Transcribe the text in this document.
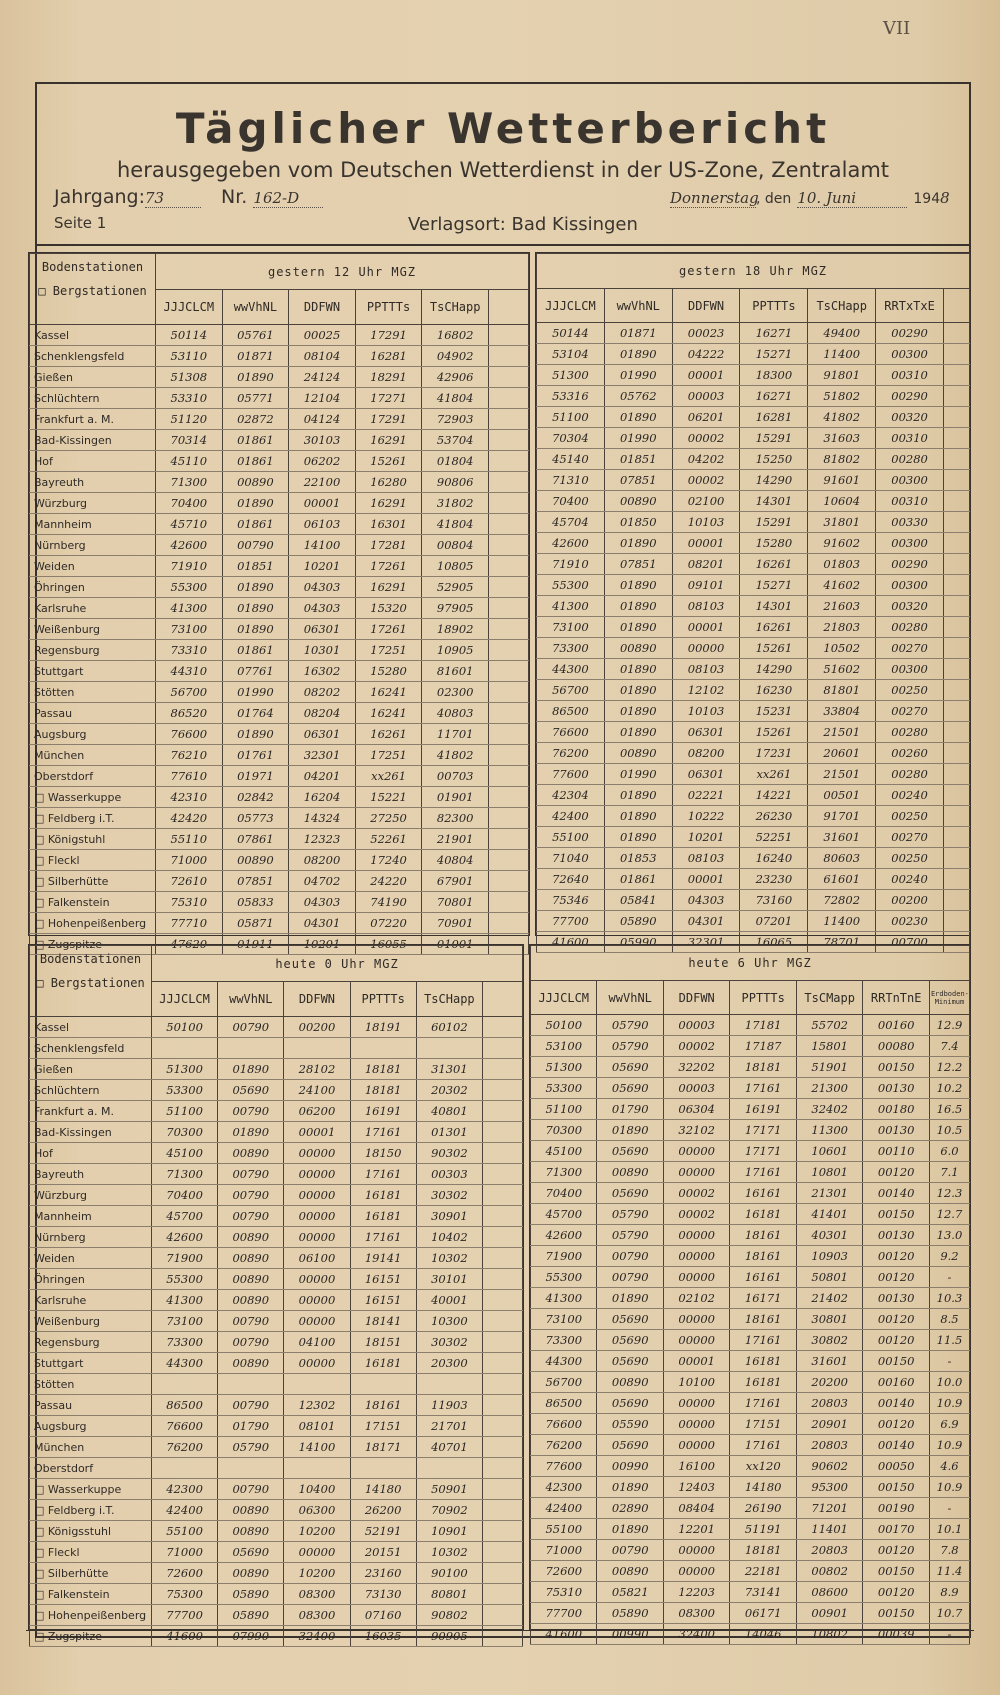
VII
Täglicher Wetterbericht
herausgegeben vom Deutschen Wetterdienst in der US-Zone, Zentralamt
Jahrgang:73	Nr. 162-D	Donnerstag, den 10. Juni	1948
Seite 1	Verlagsort: Bad Kissingen
Bodenstationen
□ Bergstationen	gestern 12 Uhr MGZ					
	JJJCLCM	wwVhNL	DDFWN	PPTTTs	TsCHapp	
Kassel	50114	05761	00025	17291	16802	
Schenklengsfeld	53110	01871	08104	16281	04902	
Gießen	51308	01890	24124	18291	42906	
Schlüchtern	53310	05771	12104	17271	41804	
Frankfurt a. M.	51120	02872	04124	17291	72903	
Bad-Kissingen	70314	01861	30103	16291	53704	
Hof	45110	01861	06202	15261	01804	
Bayreuth	71300	00890	22100	16280	90806	
Würzburg	70400	01890	00001	16291	31802	
Mannheim	45710	01861	06103	16301	41804	
Nürnberg	42600	00790	14100	17281	00804	
Weiden	71910	01851	10201	17261	10805	
Öhringen	55300	01890	04303	16291	52905	
Karlsruhe	41300	01890	04303	15320	97905	
Weißenburg	73100	01890	06301	17261	18902	
Regensburg	73310	01861	10301	17251	10905	
Stuttgart	44310	07761	16302	15280	81601	
Stötten	56700	01990	08202	16241	02300	
Passau	86520	01764	08204	16241	40803	
Augsburg	76600	01890	06301	16261	11701	
München	76210	01761	32301	17251	41802	
Oberstdorf	77610	01971	04201	xx261	00703	
□ Wasserkuppe	42310	02842	16204	15221	01901	
□ Feldberg i.T.	42420	05773	14324	27250	82300	
□ Königstuhl	55110	07861	12323	52261	21901	
□ Fleckl	71000	00890	08200	17240	40804	
□ Silberhütte	72610	07851	04702	24220	67901	
□ Falkenstein	75310	05833	04303	74190	70801	
□ Hohenpeißenberg	77710	05871	04301	07220	70901	
□ Zugspitze	47620	01911	10201	16055	01001	
gestern 18 Uhr MGZ						
JJJCLCM	wwVhNL	DDFWN	PPTTTs	TsCHapp	RRTxTxE	
50144	01871	00023	16271	49400	00290	
53104	01890	04222	15271	11400	00300	
51300	01990	00001	18300	91801	00310	
53316	05762	00003	16271	51802	00290	
51100	01890	06201	16281	41802	00320	
70304	01990	00002	15291	31603	00310	
45140	01851	04202	15250	81802	00280	
71310	07851	00002	14290	91601	00300	
70400	00890	02100	14301	10604	00310	
45704	01850	10103	15291	31801	00330	
42600	01890	00001	15280	91602	00300	
71910	07851	08201	16261	01803	00290	
55300	01890	09101	15271	41602	00300	
41300	01890	08103	14301	21603	00320	
73100	01890	00001	16261	21803	00280	
73300	00890	00000	15261	10502	00270	
44300	01890	08103	14290	51602	00300	
56700	01890	12102	16230	81801	00250	
86500	01890	10103	15231	33804	00270	
76600	01890	06301	15261	21501	00280	
76200	00890	08200	17231	20601	00260	
77600	01990	06301	xx261	21501	00280	
42304	01890	02221	14221	00501	00240	
42400	01890	10222	26230	91701	00250	
55100	01890	10201	52251	31601	00270	
71040	01853	08103	16240	80603	00250	
72640	01861	00001	23230	61601	00240	
75346	05841	04303	73160	72802	00200	
77700	05890	04301	07201	11400	00230	
41600	05990	32301	16065	78701	00700	
Bodenstationen
□ Bergstationen	heute 0 Uhr MGZ					
	JJJCLCM	wwVhNL	DDFWN	PPTTTs	TsCHapp	
Kassel	50100	00790	00200	18191	60102	
Schenklengsfeld						
Gießen	51300	01890	28102	18181	31301	
Schlüchtern	53300	05690	24100	18181	20302	
Frankfurt a. M.	51100	00790	06200	16191	40801	
Bad-Kissingen	70300	01890	00001	17161	01301	
Hof	45100	00890	00000	18150	90302	
Bayreuth	71300	00790	00000	17161	00303	
Würzburg	70400	00790	00000	16181	30302	
Mannheim	45700	00790	00000	16181	30901	
Nürnberg	42600	00890	00000	17161	10402	
Weiden	71900	00890	06100	19141	10302	
Öhringen	55300	00890	00000	16151	30101	
Karlsruhe	41300	00890	00000	16151	40001	
Weißenburg	73100	00790	00000	18141	10300	
Regensburg	73300	00790	04100	18151	30302	
Stuttgart	44300	00890	00000	16181	20300	
Stötten						
Passau	86500	00790	12302	18161	11903	
Augsburg	76600	01790	08101	17151	21701	
München	76200	05790	14100	18171	40701	
Oberstdorf						
□ Wasserkuppe	42300	00790	10400	14180	50901	
□ Feldberg i.T.	42400	00890	06300	26200	70902	
□ Königsstuhl	55100	00890	10200	52191	10901	
□ Fleckl	71000	05690	00000	20151	10302	
□ Silberhütte	72600	00890	10200	23160	90100	
□ Falkenstein	75300	05890	08300	73130	80801	
□ Hohenpeißenberg	77700	05890	08300	07160	90802	
□ Zugspitze	41600	07990	32400	16035	90905	
heute 6 Uhr MGZ						
JJJCLCM	wwVhNL	DDFWN	PPTTTs	TsCMapp	RRTnTnE	Erdboden-Minimum
50100	05790	00003	17181	55702	00160	12.9
53100	05790	00002	17187	15801	00080	7.4
51300	05690	32202	18181	51901	00150	12.2
53300	05690	00003	17161	21300	00130	10.2
51100	01790	06304	16191	32402	00180	16.5
70300	01890	32102	17171	11300	00130	10.5
45100	05690	00000	17171	10601	00110	6.0
71300	00890	00000	17161	10801	00120	7.1
70400	05690	00002	16161	21301	00140	12.3
45700	05790	00002	16181	41401	00150	12.7
42600	05790	00000	18161	40301	00130	13.0
71900	00790	00000	18161	10903	00120	9.2
55300	00790	00000	16161	50801	00120	-
41300	01890	02102	16171	21402	00130	10.3
73100	05690	00000	18161	30801	00120	8.5
73300	05690	00000	17161	30802	00120	11.5
44300	05690	00001	16181	31601	00150	-
56700	00890	10100	16181	20200	00160	10.0
86500	05690	00000	17161	20803	00140	10.9
76600	05590	00000	17151	20901	00120	6.9
76200	05690	00000	17161	20803	00140	10.9
77600	00990	16100	xx120	90602	00050	4.6
42300	01890	12403	14180	95300	00150	10.9
42400	02890	08404	26190	71201	00190	-
55100	01890	12201	51191	11401	00170	10.1
71000	00790	00000	18181	20803	00120	7.8
72600	00890	00000	22181	00802	00150	11.4
75310	05821	12203	73141	08600	00120	8.9
77700	05890	08300	06171	00901	00150	10.7
41600	00990	32400	14046	10802	00039	-
